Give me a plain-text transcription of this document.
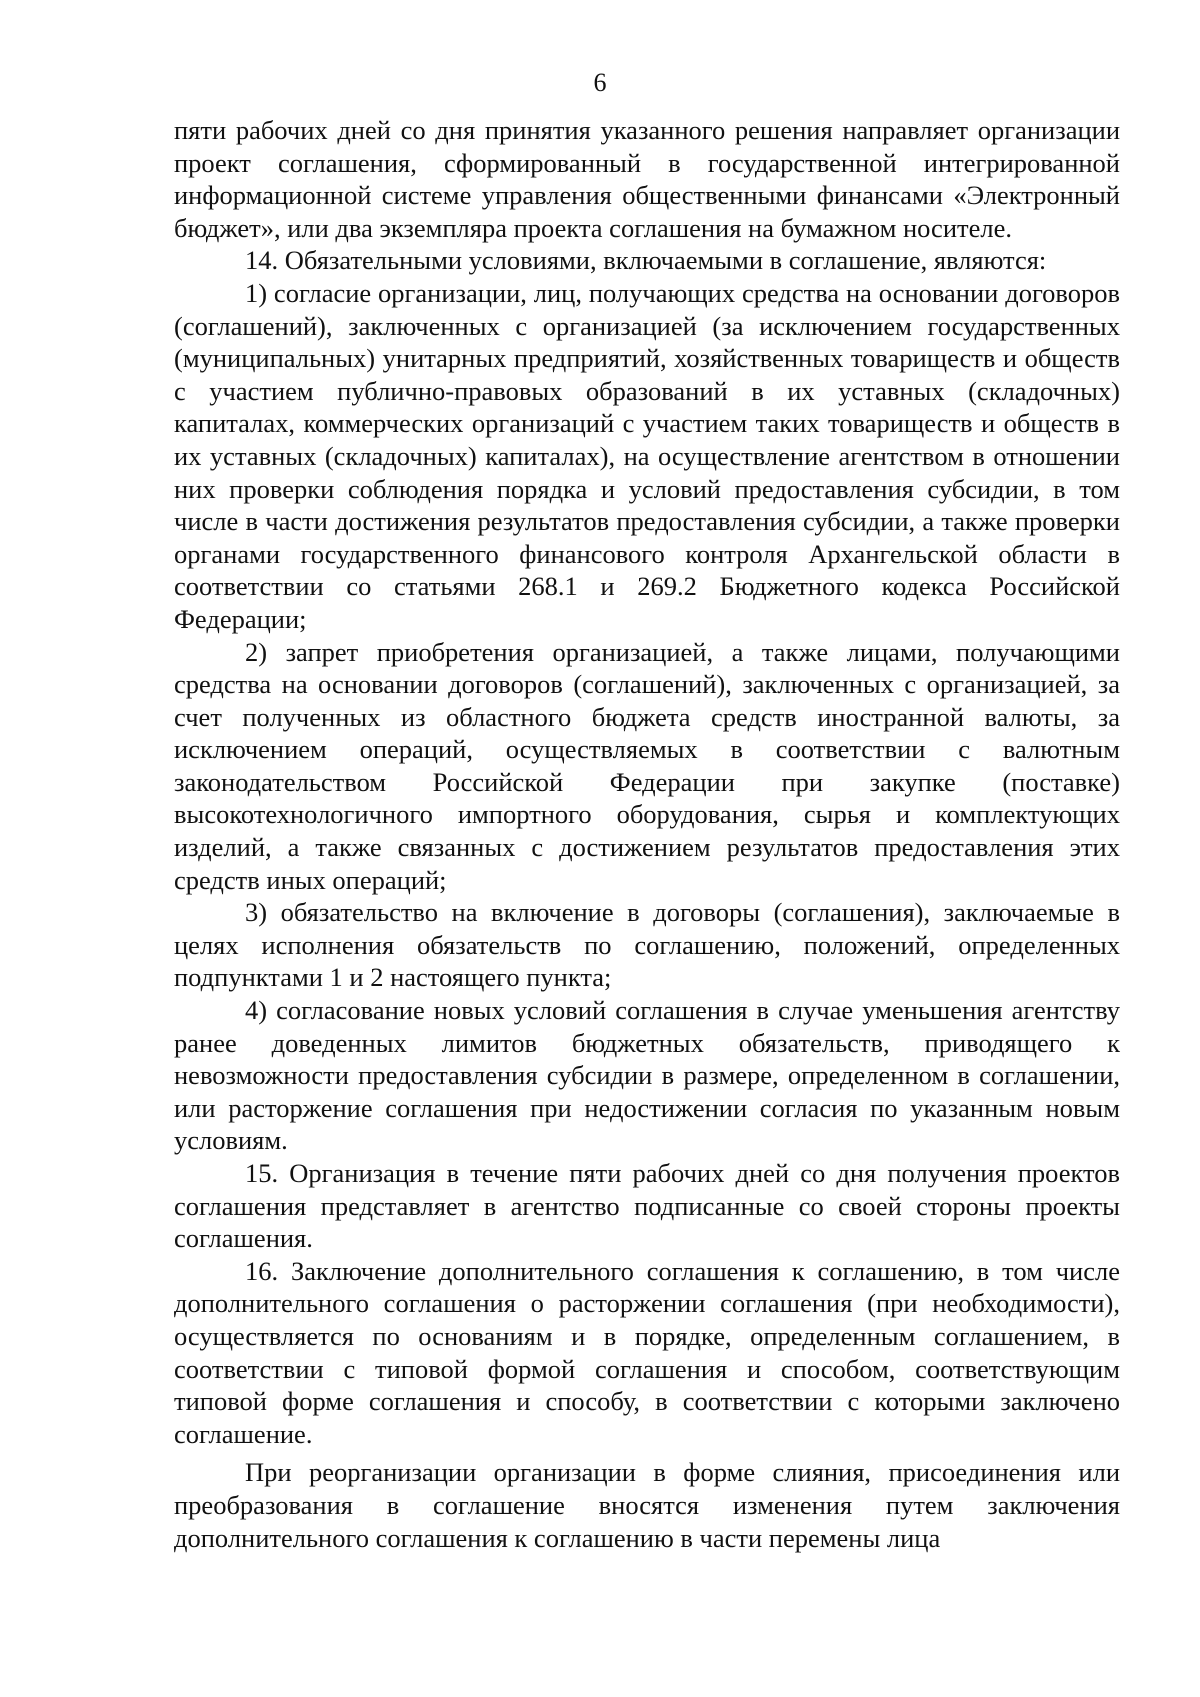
6

пяти рабочих дней со дня принятия указанного решения направляет организации проект соглашения, сформированный в государственной интегрированной информационной системе управления общественными финансами «Электронный бюджет», или два экземпляра проекта соглашения на бумажном носителе.

14. Обязательными условиями, включаемыми в соглашение, являются:

1) согласие организации, лиц, получающих средства на основании договоров (соглашений), заключенных с организацией (за исключением государственных (муниципальных) унитарных предприятий, хозяйственных товариществ и обществ с участием публично-правовых образований в их уставных (складочных) капиталах, коммерческих организаций с участием таких товариществ и обществ в их уставных (складочных) капиталах), на осуществление агентством в отношении них проверки соблюдения порядка и условий предоставления субсидии, в том числе в части достижения результатов предоставления субсидии, а также проверки органами государственного финансового контроля Архангельской области в соответствии со статьями 268.1 и 269.2 Бюджетного кодекса Российской Федерации;

2) запрет приобретения организацией, а также лицами, получающими средства на основании договоров (соглашений), заключенных с организацией, за счет полученных из областного бюджета средств иностранной валюты, за исключением операций, осуществляемых в соответствии с валютным законодательством Российской Федерации при закупке (поставке) высокотехнологичного импортного оборудования, сырья и комплектующих изделий, а также связанных с достижением результатов предоставления этих средств иных операций;

3) обязательство на включение в договоры (соглашения), заключаемые в целях исполнения обязательств по соглашению, положений, определенных подпунктами 1 и 2 настоящего пункта;

4) согласование новых условий соглашения в случае уменьшения агентству ранее доведенных лимитов бюджетных обязательств, приводящего к невозможности предоставления субсидии в размере, определенном в соглашении, или расторжение соглашения при недостижении согласия по указанным новым условиям.

15. Организация в течение пяти рабочих дней со дня получения проектов соглашения представляет в агентство подписанные со своей стороны проекты соглашения.

16. Заключение дополнительного соглашения к соглашению, в том числе дополнительного соглашения о расторжении соглашения (при необходимости), осуществляется по основаниям и в порядке, определенным соглашением, в соответствии с типовой формой соглашения и способом, соответствующим типовой форме соглашения и способу, в соответствии с которыми заключено соглашение.

При реорганизации организации в форме слияния, присоединения или преобразования в соглашение вносятся изменения путем заключения дополнительного соглашения к соглашению в части перемены лица
